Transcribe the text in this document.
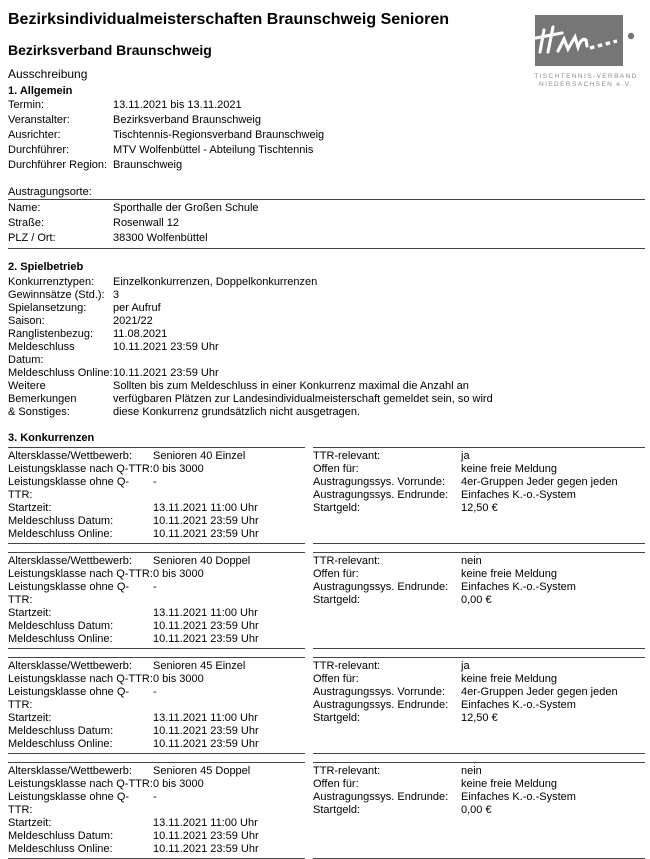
TISCHTENNIS-VERBAND
NIEDERSACHSEN e.V.
Bezirksindividualmeisterschaften Braunschweig Senioren
Bezirksverband Braunschweig
Ausschreibung
1. Allgemein
Termin:	13.11.2021 bis 13.11.2021
Veranstalter:	Bezirksverband Braunschweig
Ausrichter:	Tischtennis-Regionsverband Braunschweig
Durchführer:	MTV Wolfenbüttel - Abteilung Tischtennis
Durchführer Region: Braunschweig
Austragungsorte:
Name:	Sporthalle der Großen Schule
Straße:	Rosenwall 12
PLZ / Ort:	38300 Wolfenbüttel
2. Spielbetrieb
Konkurrenztypen:	Einzelkonkurrenzen, Doppelkonkurrenzen
Gewinnsätze (Std.): 3
Spielansetzung:	per Aufruf
Saison:	2021/22
Ranglistenbezug:	11.08.2021
Meldeschluss Datum:
10.11.2021 23:59 Uhr
Meldeschluss Online: 10.11.2021 23:59 Uhr
Weitere Bemerkungen
& Sonstiges:
Sollten bis zum Meldeschluss in einer Konkurrenz maximal die Anzahl an
verfügbaren Plätzen zur Landesindividualmeisterschaft gemeldet sein, so wird
diese Konkurrenz grundsätzlich nicht ausgetragen.
3. Konkurrenzen
Altersklasse/Wettbewerb:	Senioren 40 Einzel
Leistungsklasse nach Q-TTR: 0 bis 3000
Leistungsklasse ohne Q-TTR:
-
Startzeit:	13.11.2021 11:00 Uhr
Meldeschluss Datum:	10.11.2021 23:59 Uhr
Meldeschluss Online:	10.11.2021 23:59 Uhr
TTR-relevant:	ja
Offen für:	keine freie Meldung
Austragungssys. Vorrunde:	4er-Gruppen Jeder gegen jeden
Austragungssys. Endrunde:	Einfaches K.-o.-System
Startgeld:	12,50 €
Altersklasse/Wettbewerb:	Senioren 40 Doppel
Leistungsklasse nach Q-TTR: 0 bis 3000
Leistungsklasse ohne Q-TTR:
-
Startzeit:	13.11.2021 11:00 Uhr
Meldeschluss Datum:	10.11.2021 23:59 Uhr
Meldeschluss Online:	10.11.2021 23:59 Uhr
TTR-relevant:	nein
Offen für:	keine freie Meldung
Austragungssys. Endrunde:	Einfaches K.-o.-System
Startgeld:	0,00 €
Altersklasse/Wettbewerb:	Senioren 45 Einzel
Leistungsklasse nach Q-TTR: 0 bis 3000
Leistungsklasse ohne Q-TTR:
-
Startzeit:	13.11.2021 11:00 Uhr
Meldeschluss Datum:	10.11.2021 23:59 Uhr
Meldeschluss Online:	10.11.2021 23:59 Uhr
TTR-relevant:	ja
Offen für:	keine freie Meldung
Austragungssys. Vorrunde:	4er-Gruppen Jeder gegen jeden
Austragungssys. Endrunde:	Einfaches K.-o.-System
Startgeld:	12,50 €
Altersklasse/Wettbewerb:	Senioren 45 Doppel
Leistungsklasse nach Q-TTR: 0 bis 3000
Leistungsklasse ohne Q-TTR:
-
Startzeit:	13.11.2021 11:00 Uhr
Meldeschluss Datum:	10.11.2021 23:59 Uhr
Meldeschluss Online:	10.11.2021 23:59 Uhr
TTR-relevant:	nein
Offen für:	keine freie Meldung
Austragungssys. Endrunde:	Einfaches K.-o.-System
Startgeld:	0,00 €
